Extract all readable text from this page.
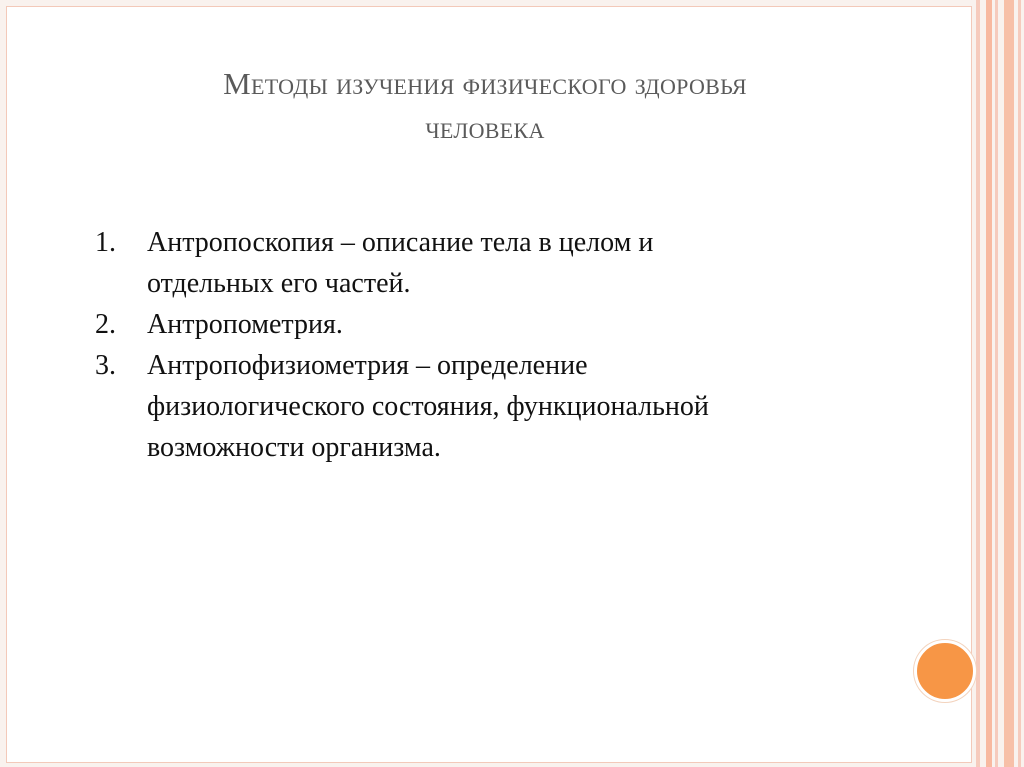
Методы изучения физического здоровья
человека
1. Антропоскопия – описание тела в целом и
отдельных его частей.
2. Антропометрия.
3. Антропофизиометрия – определение
физиологического состояния, функциональной
возможности организма.
